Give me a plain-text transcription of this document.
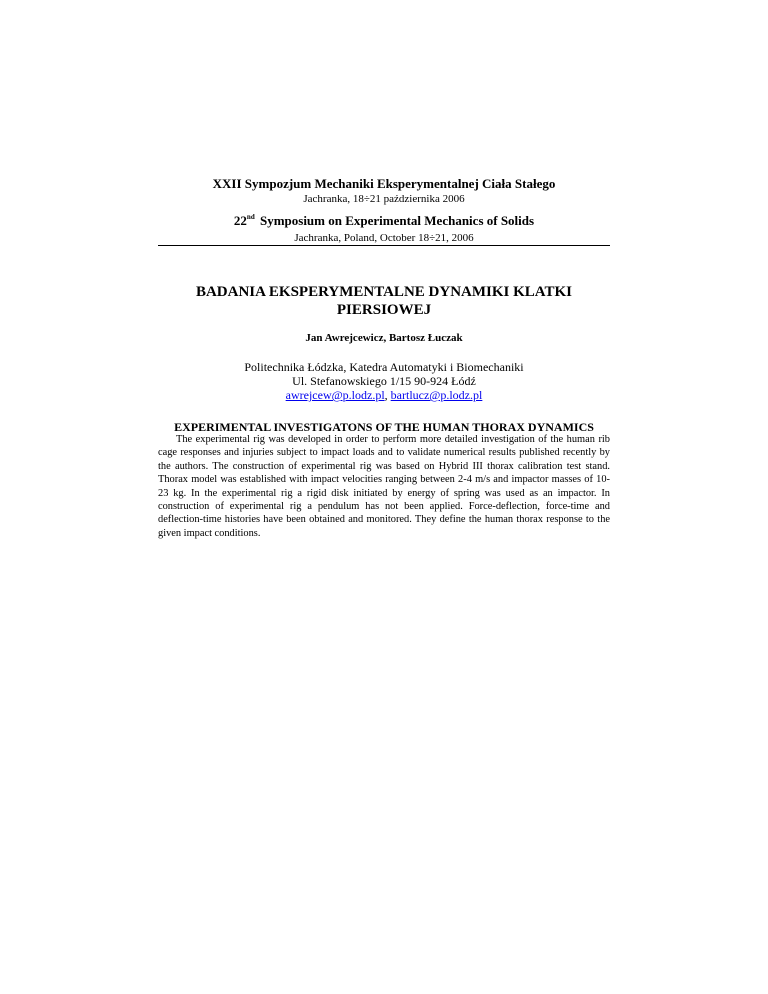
XXII Sympozjum Mechaniki Eksperymentalnej Ciała Stałego
Jachranka, 18÷21 października 2006
22nd Symposium on Experimental Mechanics of Solids
Jachranka, Poland, October 18÷21, 2006
BADANIA EKSPERYMENTALNE DYNAMIKI KLATKI PIERSIOWEJ
Jan Awrejcewicz, Bartosz Łuczak
Politechnika Łódzka, Katedra Automatyki i Biomechaniki
Ul. Stefanowskiego 1/15 90-924 Łódź
awrejcew@p.lodz.pl, bartlucz@p.lodz.pl
EXPERIMENTAL INVESTIGATONS OF THE HUMAN THORAX DYNAMICS
The experimental rig was developed in order to perform more detailed investigation of the human rib cage responses and injuries subject to impact loads and to validate numerical results published recently by the authors. The construction of experimental rig was based on Hybrid III thorax calibration test stand. Thorax model was established with impact velocities ranging between 2-4 m/s and impactor masses of 10-23 kg. In the experimental rig a rigid disk initiated by energy of spring was used as an impactor. In construction of experimental rig a pendulum has not been applied. Force-deflection, force-time and deflection-time histories have been obtained and monitored. They define the human thorax response to the given impact conditions.
